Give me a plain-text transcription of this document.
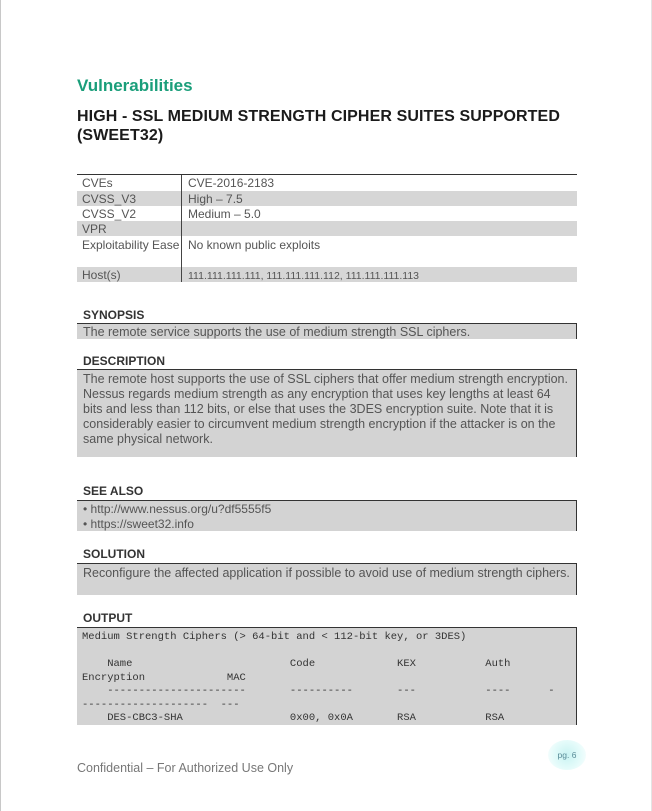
Vulnerabilities
HIGH - SSL MEDIUM STRENGTH CIPHER SUITES SUPPORTED (SWEET32)
CVEs	CVE-2016-2183
CVSS_V3	High – 7.5
CVSS_V2	Medium – 5.0
VPR
Exploitability Ease No known public exploits
Host(s)	111.111.111.111, 111.111.111.112, 111.111.111.113
SYNOPSIS
The remote service supports the use of medium strength SSL ciphers.
DESCRIPTION
The remote host supports the use of SSL ciphers that offer medium strength encryption. Nessus regards medium strength as any encryption that uses key lengths at least 64 bits and less than 112 bits, or else that uses the 3DES encryption suite. Note that it is considerably easier to circumvent medium strength encryption if the attacker is on the same physical network.
SEE ALSO
• http://www.nessus.org/u?df5555f5
• https://sweet32.info
SOLUTION
Reconfigure the affected application if possible to avoid use of medium strength ciphers.
OUTPUT
Medium Strength Ciphers (> 64-bit and < 112-bit key, or 3DES)

Name                         Code             KEX           Auth
Encryption             MAC
----------------------       ----------       ---           ----      -
--------------------  ---
DES-CBC3-SHA                 0x00, 0x0A       RSA           RSA
Confidential – For Authorized Use Only
pg. 6
